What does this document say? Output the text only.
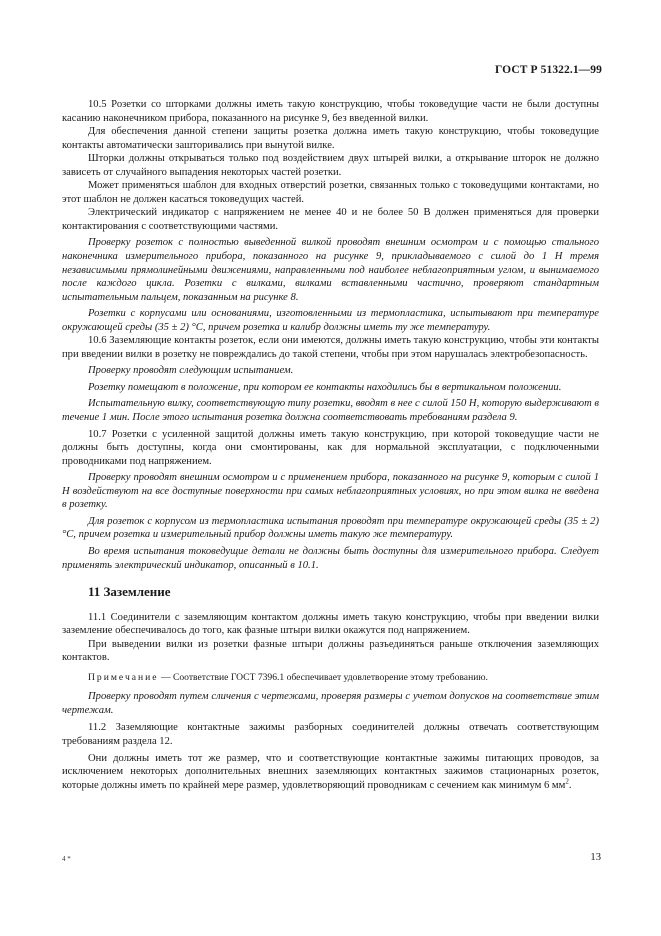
ГОСТ Р 51322.1—99

10.5 Розетки со шторками должны иметь такую конструкцию, чтобы токоведущие части не были доступны касанию наконечником прибора, показанного на рисунке 9, без введенной вилки.

Для обеспечения данной степени защиты розетка должна иметь такую конструкцию, чтобы токоведущие контакты автоматически зашторивались при вынутой вилке.

Шторки должны открываться только под воздействием двух штырей вилки, а открывание шторок не должно зависеть от случайного выпадения некоторых частей розетки.

Может применяться шаблон для входных отверстий розетки, связанных только с токоведущими контактами, но этот шаблон не должен касаться токоведущих частей.

Электрический индикатор с напряжением не менее 40 и не более 50 В должен применяться для проверки контактирования с соответствующими частями.

Проверку розеток с полностью выведенной вилкой проводят внешним осмотром и с помощью стального наконечника измерительного прибора, показанного на рисунке 9, прикладываемого с силой до 1 Н тремя независимыми прямолинейными движениями, направленными под наиболее неблагоприятным углом, и вынимаемого после каждого цикла. Розетки с вилками, вилками вставленными частично, проверяют стандартным испытательным пальцем, показанным на рисунке 8.

Розетки с корпусами или основаниями, изготовленными из термопластика, испытывают при температуре окружающей среды (35 ± 2) °С, причем розетка и калибр должны иметь ту же температуру.

10.6 Заземляющие контакты розеток, если они имеются, должны иметь такую конструкцию, чтобы эти контакты при введении вилки в розетку не повреждались до такой степени, чтобы при этом нарушалась электробезопасность.

Проверку проводят следующим испытанием.

Розетку помещают в положение, при котором ее контакты находились бы в вертикальном положении.

Испытательную вилку, соответствующую типу розетки, вводят в нее с силой 150 Н, которую выдерживают в течение 1 мин. После этого испытания розетка должна соответствовать требованиям раздела 9.

10.7 Розетки с усиленной защитой должны иметь такую конструкцию, при которой токоведущие части не должны быть доступны, когда они смонтированы, как для нормальной эксплуатации, с подключенными проводниками под напряжением.

Проверку проводят внешним осмотром и с применением прибора, показанного на рисунке 9, которым с силой 1 Н воздействуют на все доступные поверхности при самых неблагоприятных условиях, но при этом вилка не введена в розетку.

Для розеток с корпусом из термопластика испытания проводят при температуре окружающей среды (35 ± 2) °С, причем розетка и измерительный прибор должны иметь такую же температуру.

Во время испытания токоведущие детали не должны быть доступны для измерительного прибора. Следует применять электрический индикатор, описанный в 10.1.

11 Заземление

11.1 Соединители с заземляющим контактом должны иметь такую конструкцию, чтобы при введении вилки заземление обеспечивалось до того, как фазные штыри вилки окажутся под напряжением.

При выведении вилки из розетки фазные штыри должны разъединяться раньше отключения заземляющих контактов.

Примечание — Соответствие ГОСТ 7396.1 обеспечивает удовлетворение этому требованию.

Проверку проводят путем сличения с чертежами, проверяя размеры с учетом допусков на соответствие этим чертежам.

11.2 Заземляющие контактные зажимы разборных соединителей должны отвечать соответствующим требованиям раздела 12.

Они должны иметь тот же размер, что и соответствующие контактные зажимы питающих проводов, за исключением некоторых дополнительных внешних заземляющих контактных зажимов стационарных розеток, которые должны иметь по крайней мере размер, удовлетворяющий проводникам с сечением как минимум 6 $мм^2$.

4 *	13
